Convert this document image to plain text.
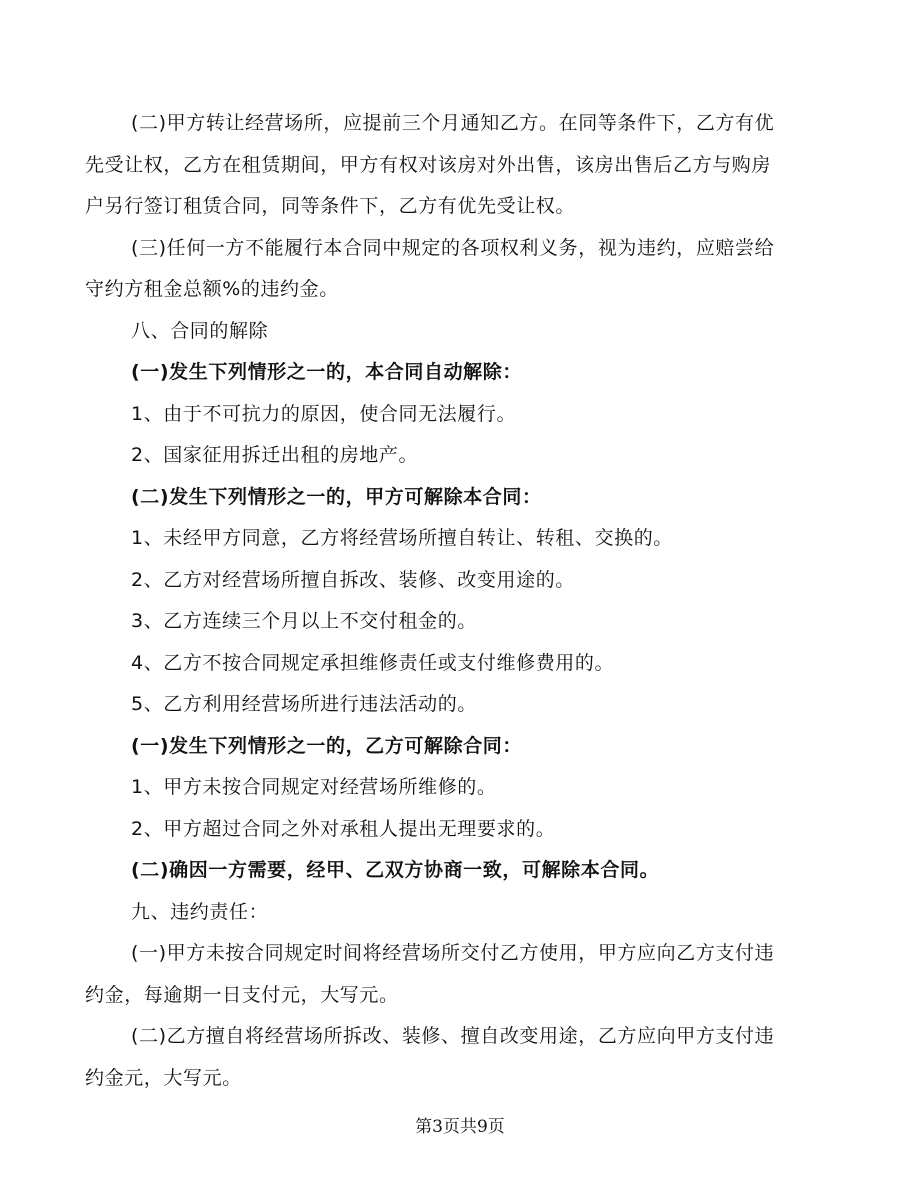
(二)甲方转让经营场所，应提前三个月通知乙方。在同等条件下，乙方有优
先受让权，乙方在租赁期间，甲方有权对该房对外出售，该房出售后乙方与购房
户另行签订租赁合同，同等条件下，乙方有优先受让权。

(三)任何一方不能履行本合同中规定的各项权利义务，视为违约，应赔尝给
守约方租金总额%的违约金。

八、合同的解除

(一)发生下列情形之一的，本合同自动解除：

1、由于不可抗力的原因，使合同无法履行。

2、国家征用拆迁出租的房地产。

(二)发生下列情形之一的，甲方可解除本合同：

1、未经甲方同意，乙方将经营场所擅自转让、转租、交换的。

2、乙方对经营场所擅自拆改、装修、改变用途的。

3、乙方连续三个月以上不交付租金的。

4、乙方不按合同规定承担维修责任或支付维修费用的。

5、乙方利用经营场所进行违法活动的。

(一)发生下列情形之一的，乙方可解除合同：

1、甲方未按合同规定对经营场所维修的。

2、甲方超过合同之外对承租人提出无理要求的。

(二)确因一方需要，经甲、乙双方协商一致，可解除本合同。

九、违约责任：

(一)甲方未按合同规定时间将经营场所交付乙方使用，甲方应向乙方支付违
约金，每逾期一日支付元，大写元。

(二)乙方擅自将经营场所拆改、装修、擅自改变用途，乙方应向甲方支付违
约金元，大写元。

第3页共9页
